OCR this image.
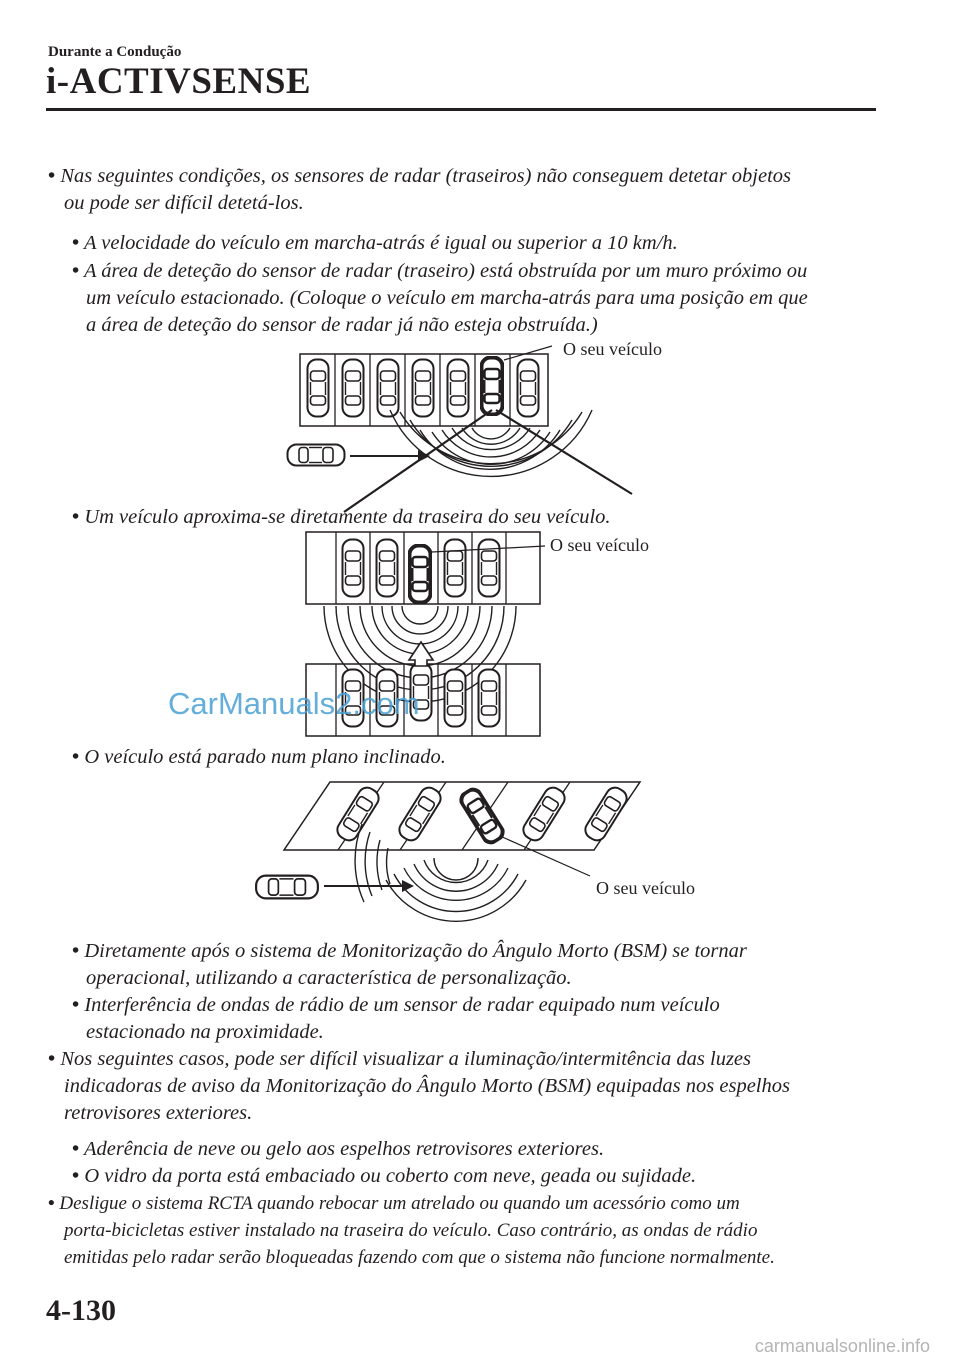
Durante a Condução
i-ACTIVSENSE
• Nas seguintes condições, os sensores de radar (traseiros) não conseguem detetar objetos
ou pode ser difícil detetá-los.
• A velocidade do veículo em marcha-atrás é igual ou superior a 10 km/h.
• A área de deteção do sensor de radar (traseiro) está obstruída por um muro próximo ou
um veículo estacionado. (Coloque o veículo em marcha-atrás para uma posição em que
a área de deteção do sensor de radar já não esteja obstruída.)
O seu veículo
O seu veículo
O seu veículo
• Um veículo aproxima-se diretamente da traseira do seu veículo.
• O veículo está parado num plano inclinado.
• Diretamente após o sistema de Monitorização do Ângulo Morto (BSM) se tornar
operacional, utilizando a característica de personalização.
• Interferência de ondas de rádio de um sensor de radar equipado num veículo
estacionado na proximidade.
• Nos seguintes casos, pode ser difícil visualizar a iluminação/intermitência das luzes
indicadoras de aviso da Monitorização do Ângulo Morto (BSM) equipadas nos espelhos
retrovisores exteriores.
• Aderência de neve ou gelo aos espelhos retrovisores exteriores.
• O vidro da porta está embaciado ou coberto com neve, geada ou sujidade.
• Desligue o sistema RCTA quando rebocar um atrelado ou quando um acessório como um
porta-bicicletas estiver instalado na traseira do veículo. Caso contrário, as ondas de rádio
emitidas pelo radar serão bloqueadas fazendo com que o sistema não funcione normalmente.
CarManuals2.com
4-130
carmanualsonline.info
